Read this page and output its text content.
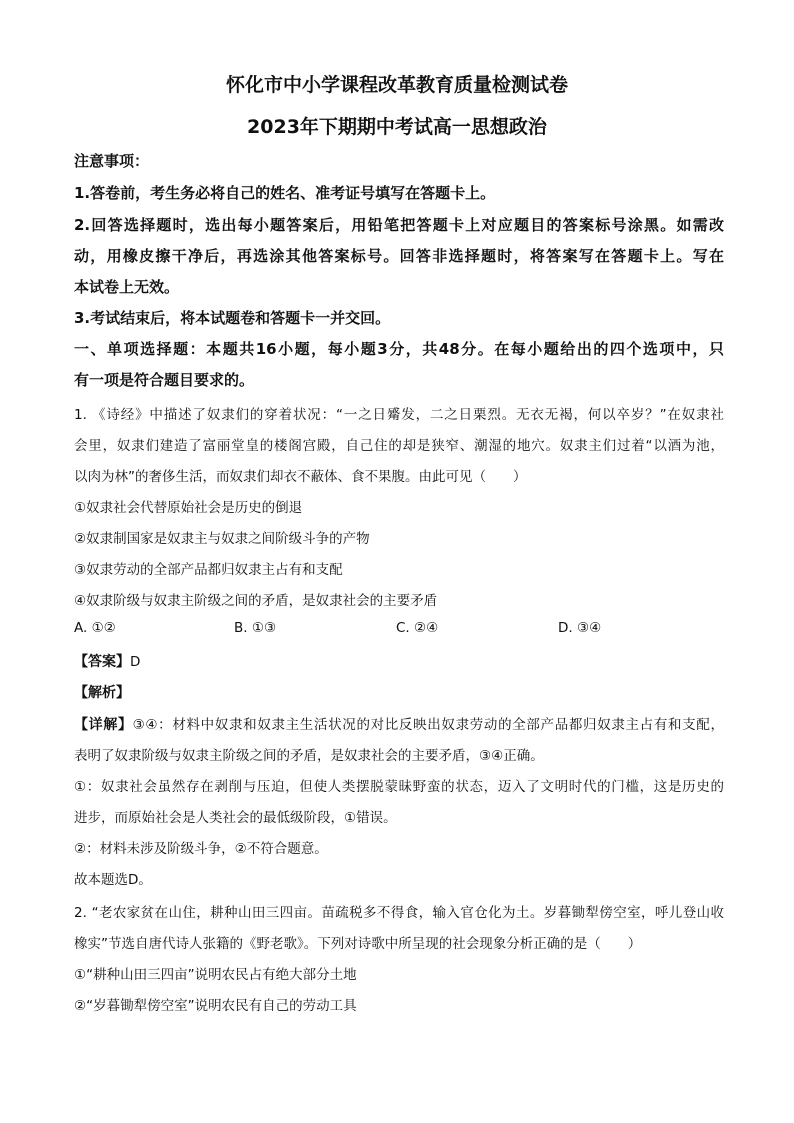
怀化市中小学课程改革教育质量检测试卷
2023年下期期中考试高一思想政治
注意事项：
1.答卷前，考生务必将自己的姓名、准考证号填写在答题卡上。
2.回答选择题时，选出每小题答案后，用铅笔把答题卡上对应题目的答案标号涂黑。如需改
动，用橡皮擦干净后，再选涂其他答案标号。回答非选择题时，将答案写在答题卡上。写在
本试卷上无效。
3.考试结束后，将本试题卷和答题卡一并交回。
一、单项选择题：本题共16小题，每小题3分，共48分。在每小题给出的四个选项中，只
有一项是符合题目要求的。
1. 《诗经》中描述了奴隶们的穿着状况：“一之日觱发，二之日栗烈。无衣无褐，何以卒岁？”在奴隶社
会里，奴隶们建造了富丽堂皇的楼阁宫殿，自己住的却是狭窄、潮湿的地穴。奴隶主们过着“以酒为池，
以肉为林”的奢侈生活，而奴隶们却衣不蔽体、食不果腹。由此可见（　　）
①奴隶社会代替原始社会是历史的倒退
②奴隶制国家是奴隶主与奴隶之间阶级斗争的产物
③奴隶劳动的全部产品都归奴隶主占有和支配
④奴隶阶级与奴隶主阶级之间的矛盾，是奴隶社会的主要矛盾
A. ①②	B. ①③	C. ②④	D. ③④
【答案】D
【解析】
【详解】③④：材料中奴隶和奴隶主生活状况的对比反映出奴隶劳动的全部产品都归奴隶主占有和支配，
表明了奴隶阶级与奴隶主阶级之间的矛盾，是奴隶社会的主要矛盾，③④正确。
①：奴隶社会虽然存在剥削与压迫，但使人类摆脱蒙昧野蛮的状态，迈入了文明时代的门槛，这是历史的
进步，而原始社会是人类社会的最低级阶段，①错误。
②：材料未涉及阶级斗争，②不符合题意。
故本题选D。
2. “老农家贫在山住，耕种山田三四亩。苗疏税多不得食，输入官仓化为土。岁暮锄犁傍空室，呼儿登山收
橡实”节选自唐代诗人张籍的《野老歌》。下列对诗歌中所呈现的社会现象分析正确的是（　　）
①“耕种山田三四亩”说明农民占有绝大部分土地
②“岁暮锄犁傍空室”说明农民有自己的劳动工具
